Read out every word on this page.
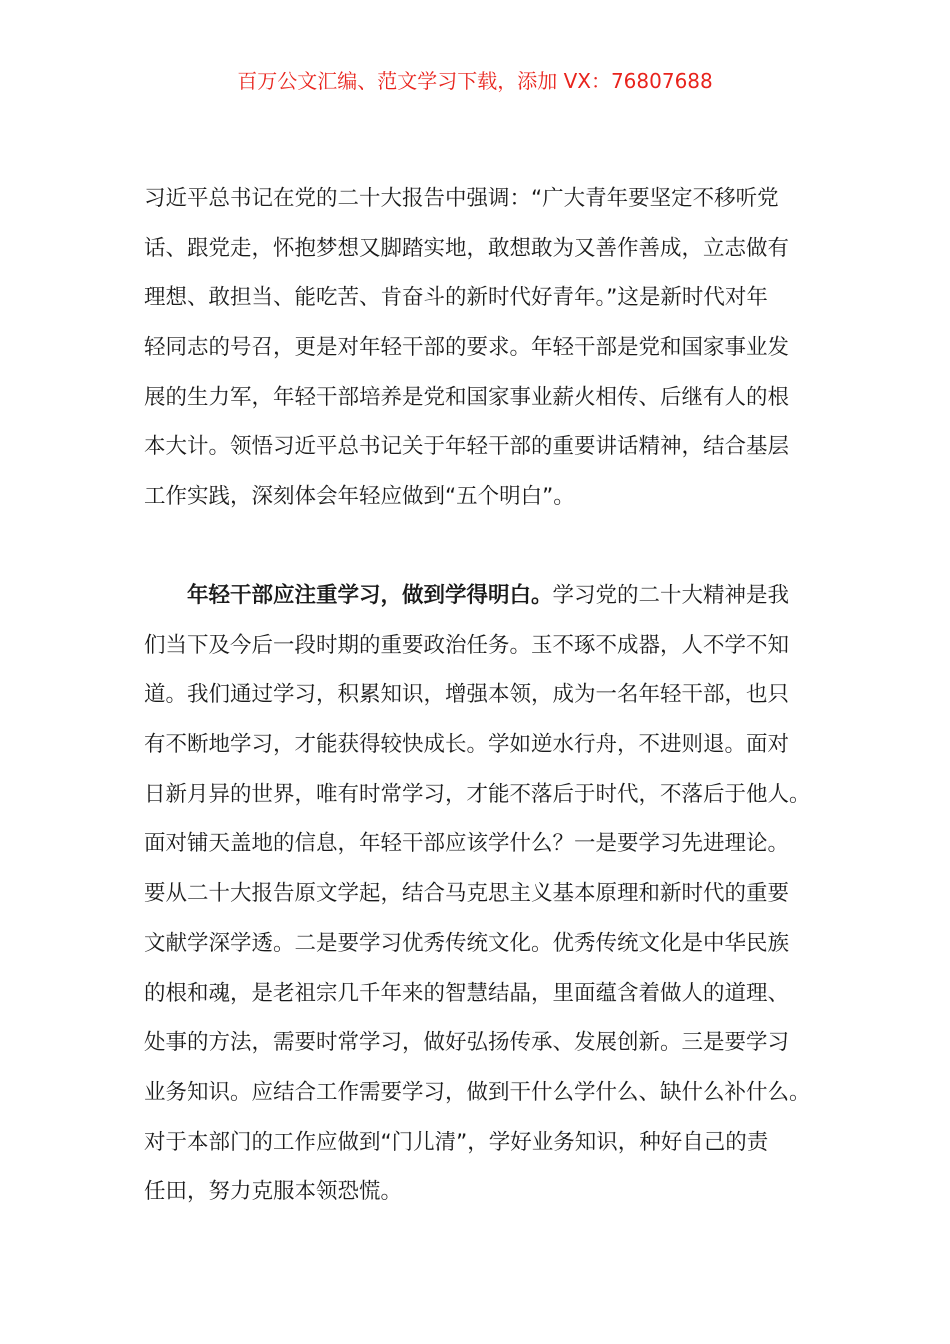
百万公文汇编、范文学习下载，添加 VX：76807688
习近平总书记在党的二十大报告中强调：“广大青年要坚定不移听党
话、跟党走，怀抱梦想又脚踏实地，敢想敢为又善作善成，立志做有
理想、敢担当、能吃苦、肯奋斗的新时代好青年。”这是新时代对年
轻同志的号召，更是对年轻干部的要求。年轻干部是党和国家事业发
展的生力军，年轻干部培养是党和国家事业薪火相传、后继有人的根
本大计。领悟习近平总书记关于年轻干部的重要讲话精神，结合基层
工作实践，深刻体会年轻应做到“五个明白”。
年轻干部应注重学习，做到学得明白。学习党的二十大精神是我
们当下及今后一段时期的重要政治任务。玉不琢不成器，人不学不知
道。我们通过学习，积累知识，增强本领，成为一名年轻干部，也只
有不断地学习，才能获得较快成长。学如逆水行舟，不进则退。面对
日新月异的世界，唯有时常学习，才能不落后于时代，不落后于他人。
面对铺天盖地的信息，年轻干部应该学什么？一是要学习先进理论。
要从二十大报告原文学起，结合马克思主义基本原理和新时代的重要
文献学深学透。二是要学习优秀传统文化。优秀传统文化是中华民族
的根和魂，是老祖宗几千年来的智慧结晶，里面蕴含着做人的道理、
处事的方法，需要时常学习，做好弘扬传承、发展创新。三是要学习
业务知识。应结合工作需要学习，做到干什么学什么、缺什么补什么。
对于本部门的工作应做到“门儿清”，学好业务知识，种好自己的责
任田，努力克服本领恐慌。
